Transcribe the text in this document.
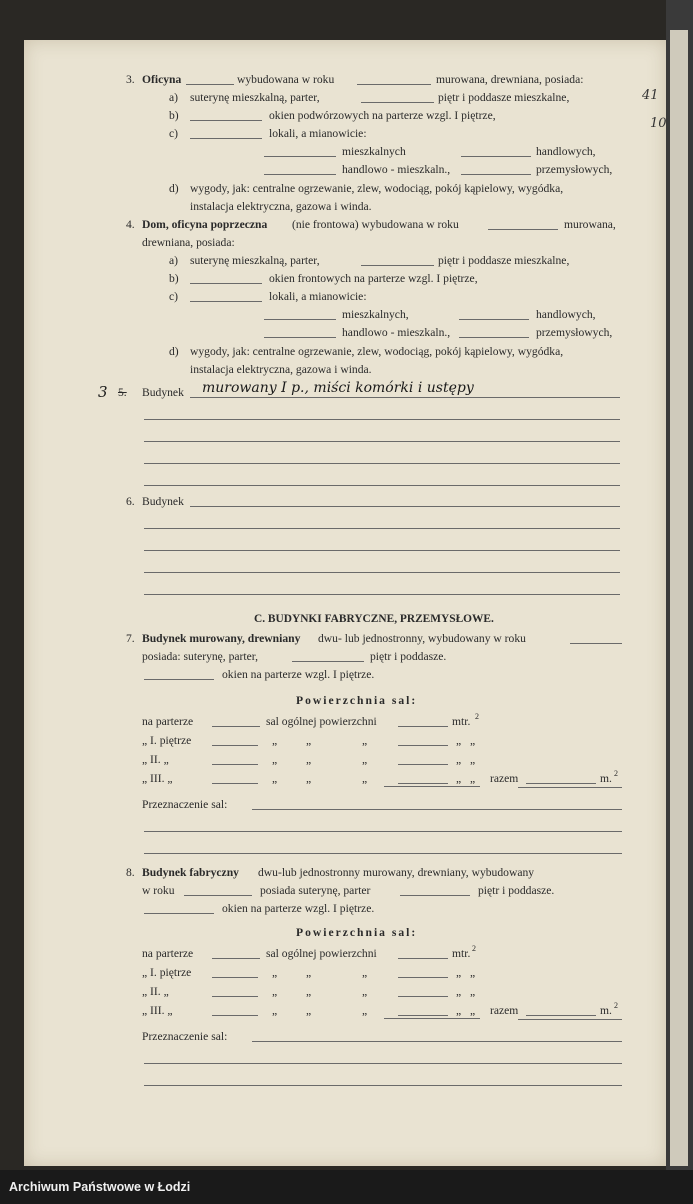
41
10
3. Oficyna	wybudowana w roku	murowana, drewniana, posiada:
a) suterynę mieszkalną, parter,	piętr i poddasze mieszkalne,
b)	okien podwórzowych na parterze wzgl. I piętrze,
c)	lokali, a mianowicie:
mieszkalnych	handlowych,
handlowo - mieszkaln.,	przemysłowych,
d) wygody, jak: centralne ogrzewanie, zlew, wodociąg, pokój kąpielowy, wygódka,
instalacja elektryczna, gazowa i winda.
4. Dom, oficyna poprzeczna (nie frontowa) wybudowana w roku	murowana,
drewniana, posiada:
a) suterynę mieszkalną, parter,	piętr i poddasze mieszkalne,
b)	okien frontowych na parterze wzgl. I piętrze,
c)	lokali, a mianowicie:
mieszkalnych,	handlowych,
handlowo - mieszkaln.,	przemysłowych,
d) wygody, jak: centralne ogrzewanie, zlew, wodociąg, pokój kąpielowy, wygódka,
instalacja elektryczna, gazowa i winda.
3 5. Budynek murowany I p., miści komórki i ustępy
6. Budynek
C. BUDYNKI FABRYCZNE, PRZEMYSŁOWE.
7. Budynek murowany, drewniany dwu- lub jednostronny, wybudowany w roku
posiada: suterynę, parter,	piętr i poddasze.
okien na parterze wzgl. I piętrze.
Powierzchnia sal:
na parterze	sal ogólnej powierzchni	mtr. 2
„ I. piętrze	„ „	„	„ „
„ II. „	„ „	„	„ „
„ III. „	„ „	„	„ „ razem	m. 2
Przeznaczenie sal:
8. Budynek fabryczny dwu-lub jednostronny murowany, drewniany, wybudowany
w roku	posiada suterynę, parter	piętr i poddasze.
okien na parterze wzgl. I piętrze.
Powierzchnia sal:
na parterze	sal ogólnej powierzchni	mtr. 2
„ I. piętrze	„ „	„	„ „
„ II. „	„ „	„	„ „
„ III. „	„ „	„	„ „ razem	m. 2
Przeznaczenie sal:
Archiwum Państwowe w Łodzi
